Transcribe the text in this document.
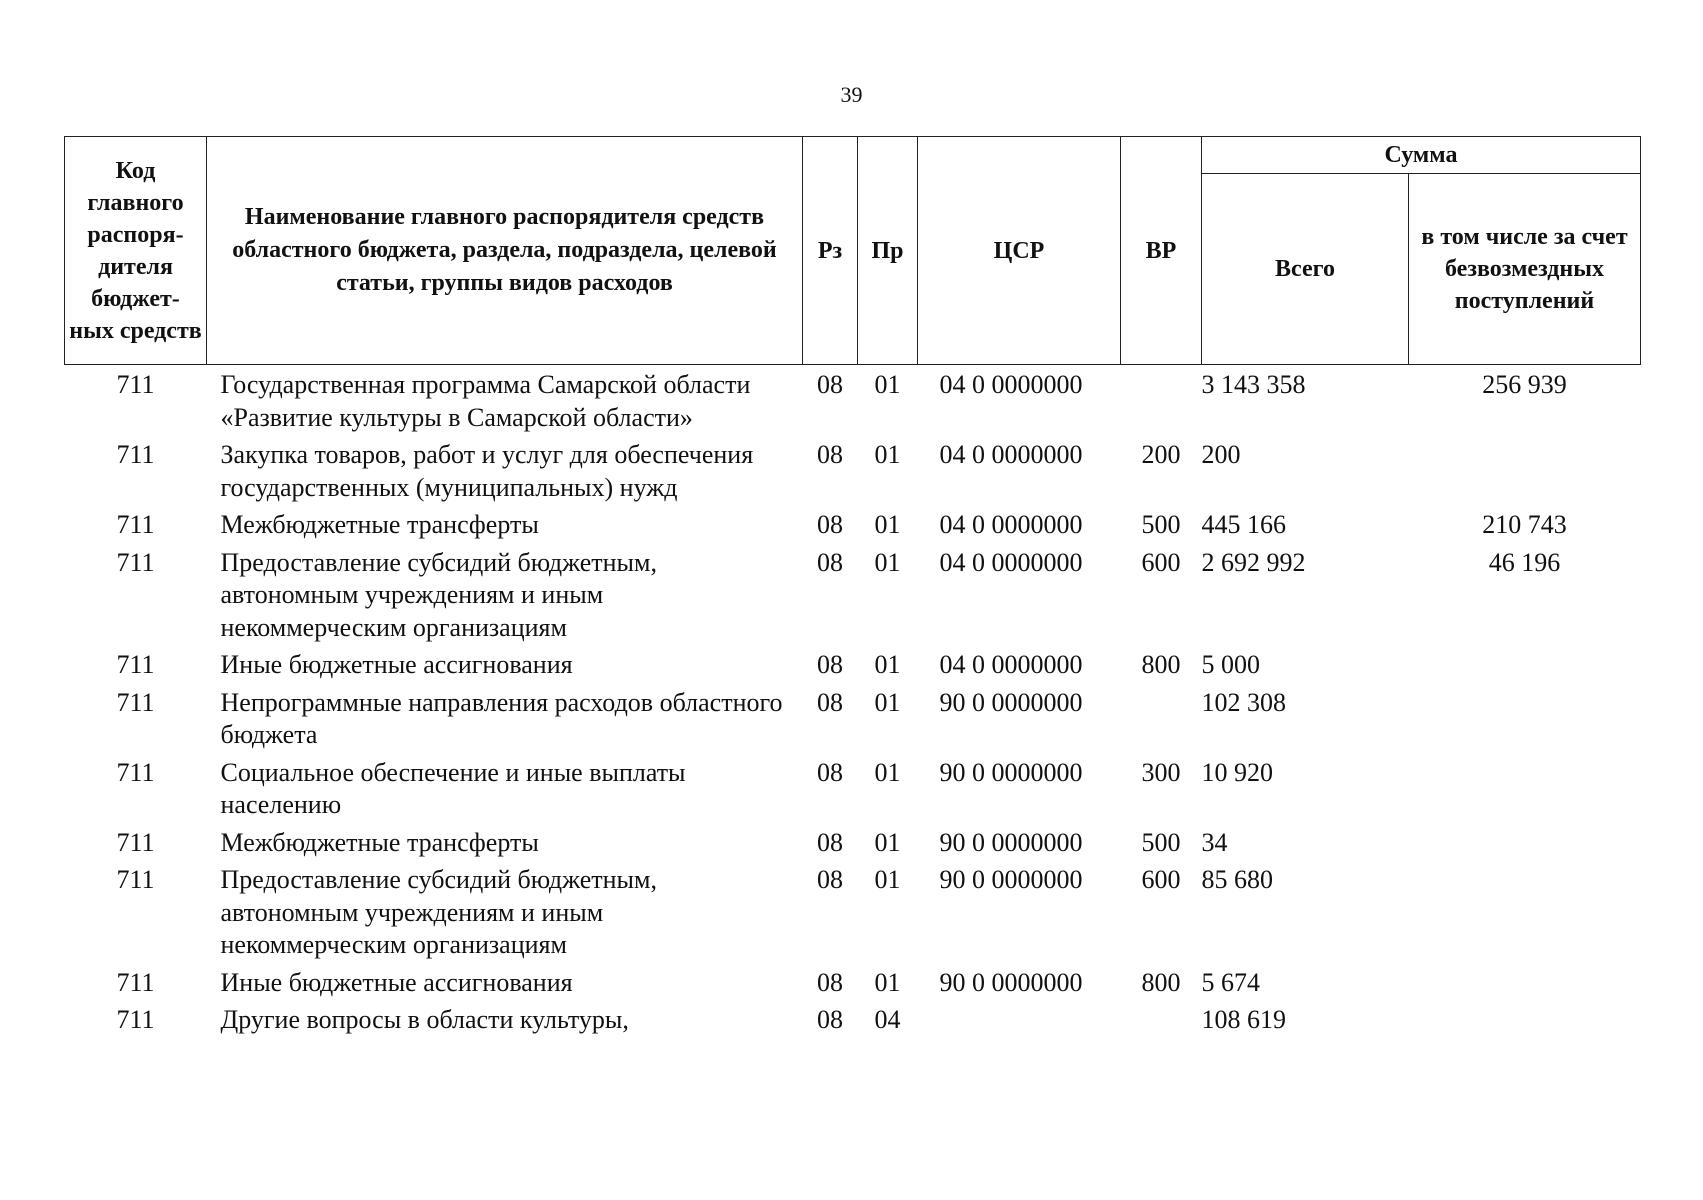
39
Код главного распоря-дителя бюджет-ных средств	Наименование главного распорядителя средств областного бюджета, раздела, подраздела, целевой статьи, группы видов расходов	Рз	Пр	ЦСР	ВР	Сумма	
						Всего	в том числе за счет безвозмездных поступлений
711	Государственная программа Самарской области «Развитие культуры в Самарской области»	08	01	04 0 0000000		3 143 358	256 939
711	Закупка товаров, работ и услуг для обеспечения государственных (муниципальных) нужд	08	01	04 0 0000000	200	200	
711	Межбюджетные трансферты	08	01	04 0 0000000	500	445 166	210 743
711	Предоставление субсидий бюджетным, автономным учреждениям и иным некоммерческим организациям	08	01	04 0 0000000	600	2 692 992	46 196
711	Иные бюджетные ассигнования	08	01	04 0 0000000	800	5 000	
711	Непрограммные направления расходов областного бюджета	08	01	90 0 0000000		102 308	
711	Социальное обеспечение и иные выплаты населению	08	01	90 0 0000000	300	10 920	
711	Межбюджетные трансферты	08	01	90 0 0000000	500	34	
711	Предоставление субсидий бюджетным, автономным учреждениям и иным некоммерческим организациям	08	01	90 0 0000000	600	85 680	
711	Иные бюджетные ассигнования	08	01	90 0 0000000	800	5 674	
711	Другие вопросы в области культуры,	08	04			108 619	
